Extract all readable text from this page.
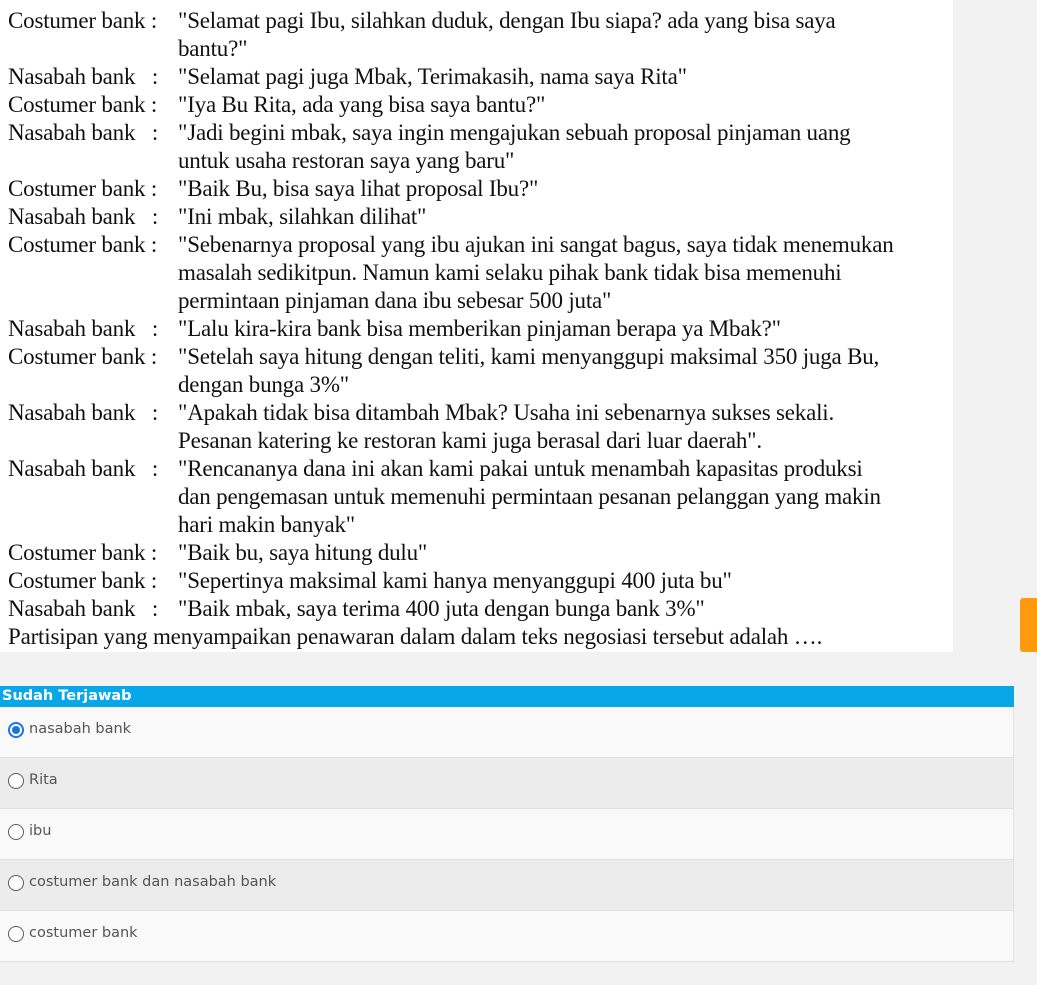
Costumer bank : "Selamat pagi Ibu, silahkan duduk, dengan Ibu siapa? ada yang bisa saya
bantu?"
Nasabah bank   : "Selamat pagi juga Mbak, Terimakasih, nama saya Rita"
Costumer bank : "Iya Bu Rita, ada yang bisa saya bantu?"
Nasabah bank   : "Jadi begini mbak, saya ingin mengajukan sebuah proposal pinjaman uang
untuk usaha restoran saya yang baru"
Costumer bank : "Baik Bu, bisa saya lihat proposal Ibu?"
Nasabah bank   : "Ini mbak, silahkan dilihat"
Costumer bank : "Sebenarnya proposal yang ibu ajukan ini sangat bagus, saya tidak menemukan
masalah sedikitpun. Namun kami selaku pihak bank tidak bisa memenuhi
permintaan pinjaman dana ibu sebesar 500 juta"
Nasabah bank   : "Lalu kira-kira bank bisa memberikan pinjaman berapa ya Mbak?"
Costumer bank : "Setelah saya hitung dengan teliti, kami menyanggupi maksimal 350 juga Bu,
dengan bunga 3%"
Nasabah bank   : "Apakah tidak bisa ditambah Mbak? Usaha ini sebenarnya sukses sekali.
Pesanan katering ke restoran kami juga berasal dari luar daerah".
Nasabah bank   : "Rencananya dana ini akan kami pakai untuk menambah kapasitas produksi
dan pengemasan untuk memenuhi permintaan pesanan pelanggan yang makin
hari makin banyak"
Costumer bank : "Baik bu, saya hitung dulu"
Costumer bank : "Sepertinya maksimal kami hanya menyanggupi 400 juta bu"
Nasabah bank   : "Baik mbak, saya terima 400 juta dengan bunga bank 3%"
Partisipan yang menyampaikan penawaran dalam dalam teks negosiasi tersebut adalah ….
Sudah Terjawab
nasabah bank
Rita
ibu
costumer bank dan nasabah bank
costumer bank
